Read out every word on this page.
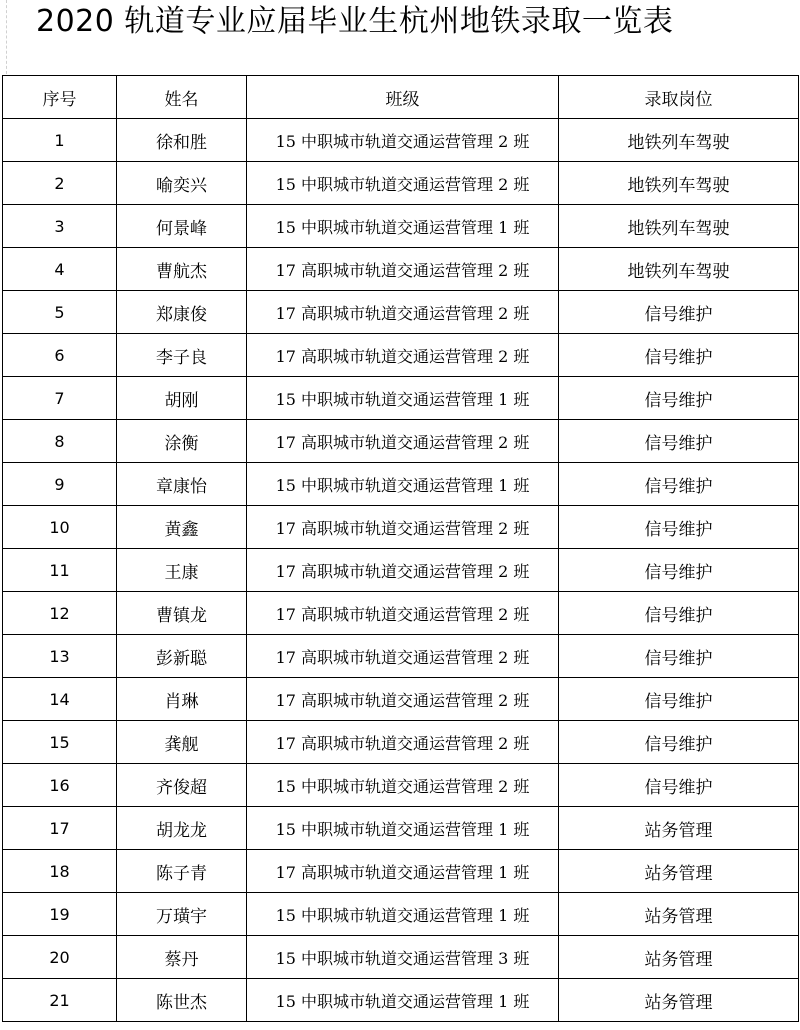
2020 轨道专业应届毕业生杭州地铁录取一览表
序号	姓名	班级	录取岗位
1	徐和胜	15 中职城市轨道交通运营管理 2 班	地铁列车驾驶
2	喻奕兴	15 中职城市轨道交通运营管理 2 班	地铁列车驾驶
3	何景峰	15 中职城市轨道交通运营管理 1 班	地铁列车驾驶
4	曹航杰	17 高职城市轨道交通运营管理 2 班	地铁列车驾驶
5	郑康俊	17 高职城市轨道交通运营管理 2 班	信号维护
6	李子良	17 高职城市轨道交通运营管理 2 班	信号维护
7	胡刚	15 中职城市轨道交通运营管理 1 班	信号维护
8	涂衡	17 高职城市轨道交通运营管理 2 班	信号维护
9	章康怡	15 中职城市轨道交通运营管理 1 班	信号维护
10	黄鑫	17 高职城市轨道交通运营管理 2 班	信号维护
11	王康	17 高职城市轨道交通运营管理 2 班	信号维护
12	曹镇龙	17 高职城市轨道交通运营管理 2 班	信号维护
13	彭新聪	17 高职城市轨道交通运营管理 2 班	信号维护
14	肖琳	17 高职城市轨道交通运营管理 2 班	信号维护
15	龚舰	17 高职城市轨道交通运营管理 2 班	信号维护
16	齐俊超	15 中职城市轨道交通运营管理 2 班	信号维护
17	胡龙龙	15 中职城市轨道交通运营管理 1 班	站务管理
18	陈子青	17 高职城市轨道交通运营管理 1 班	站务管理
19	万璜宇	15 中职城市轨道交通运营管理 1 班	站务管理
20	蔡丹	15 中职城市轨道交通运营管理 3 班	站务管理
21	陈世杰	15 中职城市轨道交通运营管理 1 班	站务管理
